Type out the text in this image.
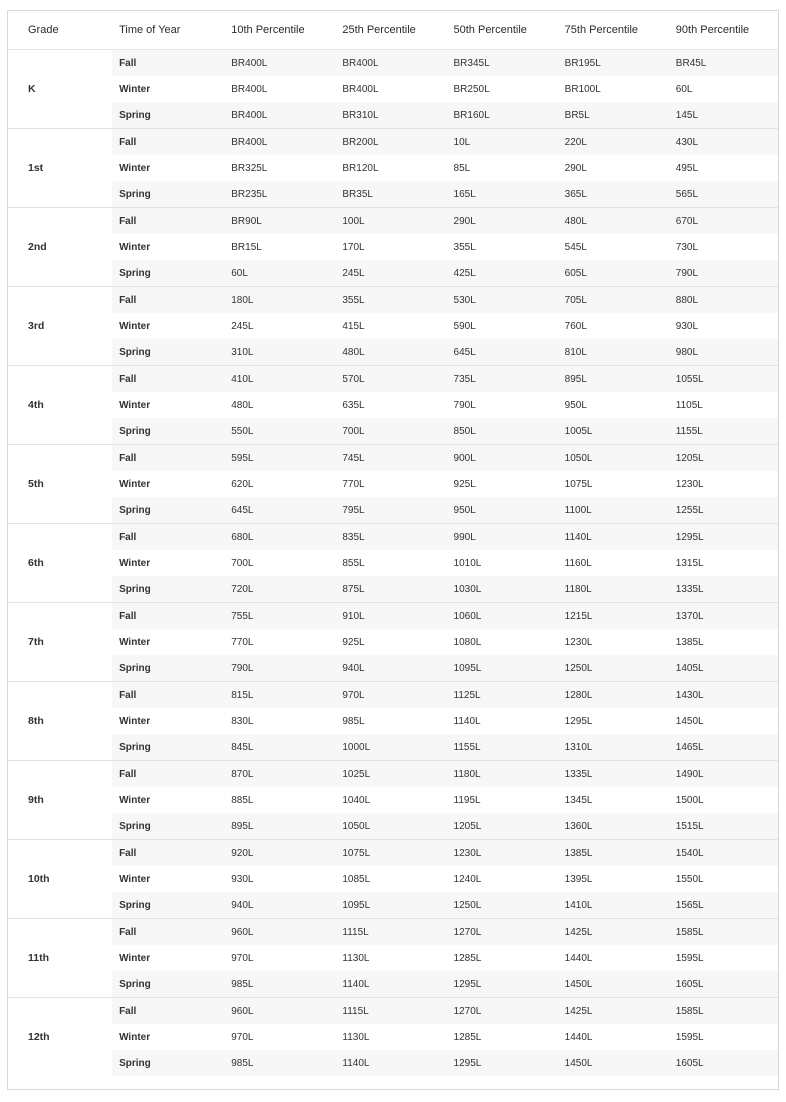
Grade	Time of Year	10th Percentile	25th Percentile	50th Percentile	75th Percentile	90th Percentile
K	Fall	BR400L	BR400L	BR345L	BR195L	BR45L
	Winter	BR400L	BR400L	BR250L	BR100L	60L
	Spring	BR400L	BR310L	BR160L	BR5L	145L
1st	Fall	BR400L	BR200L	10L	220L	430L
	Winter	BR325L	BR120L	85L	290L	495L
	Spring	BR235L	BR35L	165L	365L	565L
2nd	Fall	BR90L	100L	290L	480L	670L
	Winter	BR15L	170L	355L	545L	730L
	Spring	60L	245L	425L	605L	790L
3rd	Fall	180L	355L	530L	705L	880L
	Winter	245L	415L	590L	760L	930L
	Spring	310L	480L	645L	810L	980L
4th	Fall	410L	570L	735L	895L	1055L
	Winter	480L	635L	790L	950L	1105L
	Spring	550L	700L	850L	1005L	1155L
5th	Fall	595L	745L	900L	1050L	1205L
	Winter	620L	770L	925L	1075L	1230L
	Spring	645L	795L	950L	1100L	1255L
6th	Fall	680L	835L	990L	1140L	1295L
	Winter	700L	855L	1010L	1160L	1315L
	Spring	720L	875L	1030L	1180L	1335L
7th	Fall	755L	910L	1060L	1215L	1370L
	Winter	770L	925L	1080L	1230L	1385L
	Spring	790L	940L	1095L	1250L	1405L
8th	Fall	815L	970L	1125L	1280L	1430L
	Winter	830L	985L	1140L	1295L	1450L
	Spring	845L	1000L	1155L	1310L	1465L
9th	Fall	870L	1025L	1180L	1335L	1490L
	Winter	885L	1040L	1195L	1345L	1500L
	Spring	895L	1050L	1205L	1360L	1515L
10th	Fall	920L	1075L	1230L	1385L	1540L
	Winter	930L	1085L	1240L	1395L	1550L
	Spring	940L	1095L	1250L	1410L	1565L
11th	Fall	960L	1115L	1270L	1425L	1585L
	Winter	970L	1130L	1285L	1440L	1595L
	Spring	985L	1140L	1295L	1450L	1605L
12th	Fall	960L	1115L	1270L	1425L	1585L
	Winter	970L	1130L	1285L	1440L	1595L
	Spring	985L	1140L	1295L	1450L	1605L
